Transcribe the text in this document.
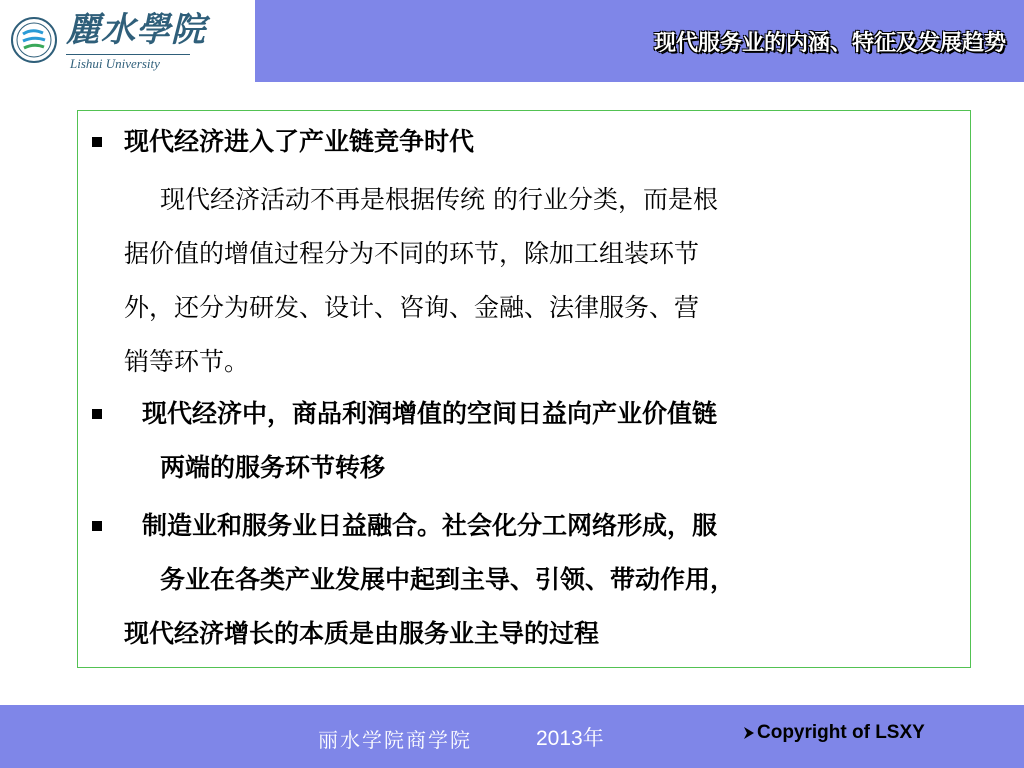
麗水學院
Lishui University
现代服务业的内涵、特征及发展趋势
现代经济进入了产业链竞争时代
现代经济活动不再是根据传统 的行业分类，而是根
据价值的增值过程分为不同的环节，除加工组装环节
外，还分为研发、设计、咨询、金融、法律服务、营
销等环节。
现代经济中，商品利润增值的空间日益向产业价值链
两端的服务环节转移
制造业和服务业日益融合。社会化分工网络形成，服
务业在各类产业发展中起到主导、引领、带动作用，
现代经济增长的本质是由服务业主导的过程
丽水学院商学院	2013年	Copyright of LSXY
